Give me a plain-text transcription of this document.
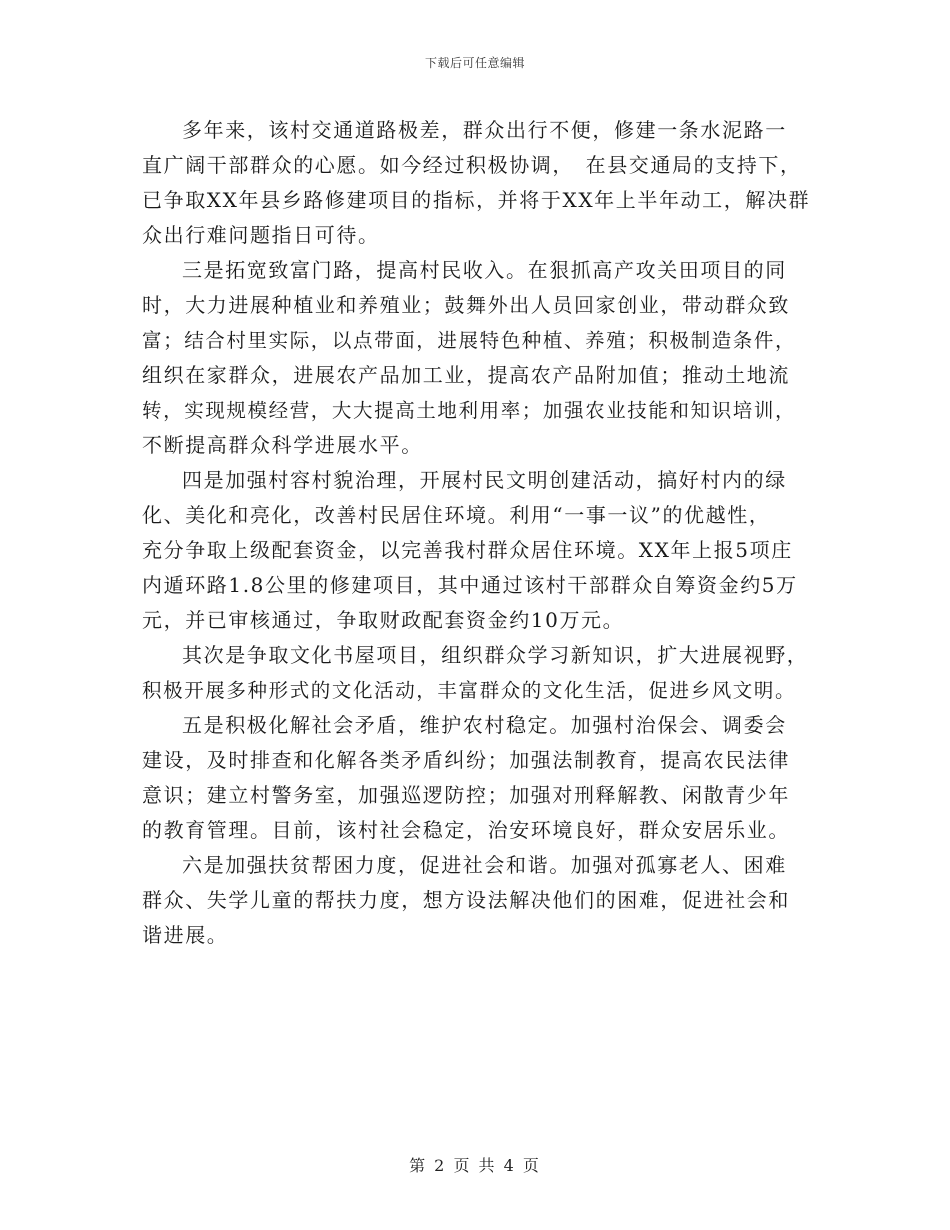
下载后可任意编辑
多年来，该村交通道路极差，群众出行不便，修建一条水泥路一
直广阔干部群众的心愿。如今经过积极协调，　在县交通局的支持下，
已争取XX年县乡路修建项目的指标，并将于XX年上半年动工，解决群
众出行难问题指日可待。
三是拓宽致富门路，提高村民收入。在狠抓高产攻关田项目的同
时，大力进展种植业和养殖业；鼓舞外出人员回家创业，带动群众致
富；结合村里实际，以点带面，进展特色种植、养殖；积极制造条件，
组织在家群众，进展农产品加工业，提高农产品附加值；推动土地流
转，实现规模经营，大大提高土地利用率；加强农业技能和知识培训，
不断提高群众科学进展水平。
四是加强村容村貌治理，开展村民文明创建活动，搞好村内的绿
化、美化和亮化，改善村民居住环境。利用“一事一议”的优越性，
充分争取上级配套资金，以完善我村群众居住环境。XX年上报5项庄
内遁环路1.8公里的修建项目，其中通过该村干部群众自筹资金约5万
元，并已审核通过，争取财政配套资金约10万元。
其次是争取文化书屋项目，组织群众学习新知识，扩大进展视野，
积极开展多种形式的文化活动，丰富群众的文化生活，促进乡风文明。
五是积极化解社会矛盾，维护农村稳定。加强村治保会、调委会
建设，及时排查和化解各类矛盾纠纷；加强法制教育，提高农民法律
意识；建立村警务室，加强巡逻防控；加强对刑释解教、闲散青少年
的教育管理。目前，该村社会稳定，治安环境良好，群众安居乐业。
六是加强扶贫帮困力度，促进社会和谐。加强对孤寡老人、困难
群众、失学儿童的帮扶力度，想方设法解决他们的困难，促进社会和
谐进展。
第 2 页 共 4 页
